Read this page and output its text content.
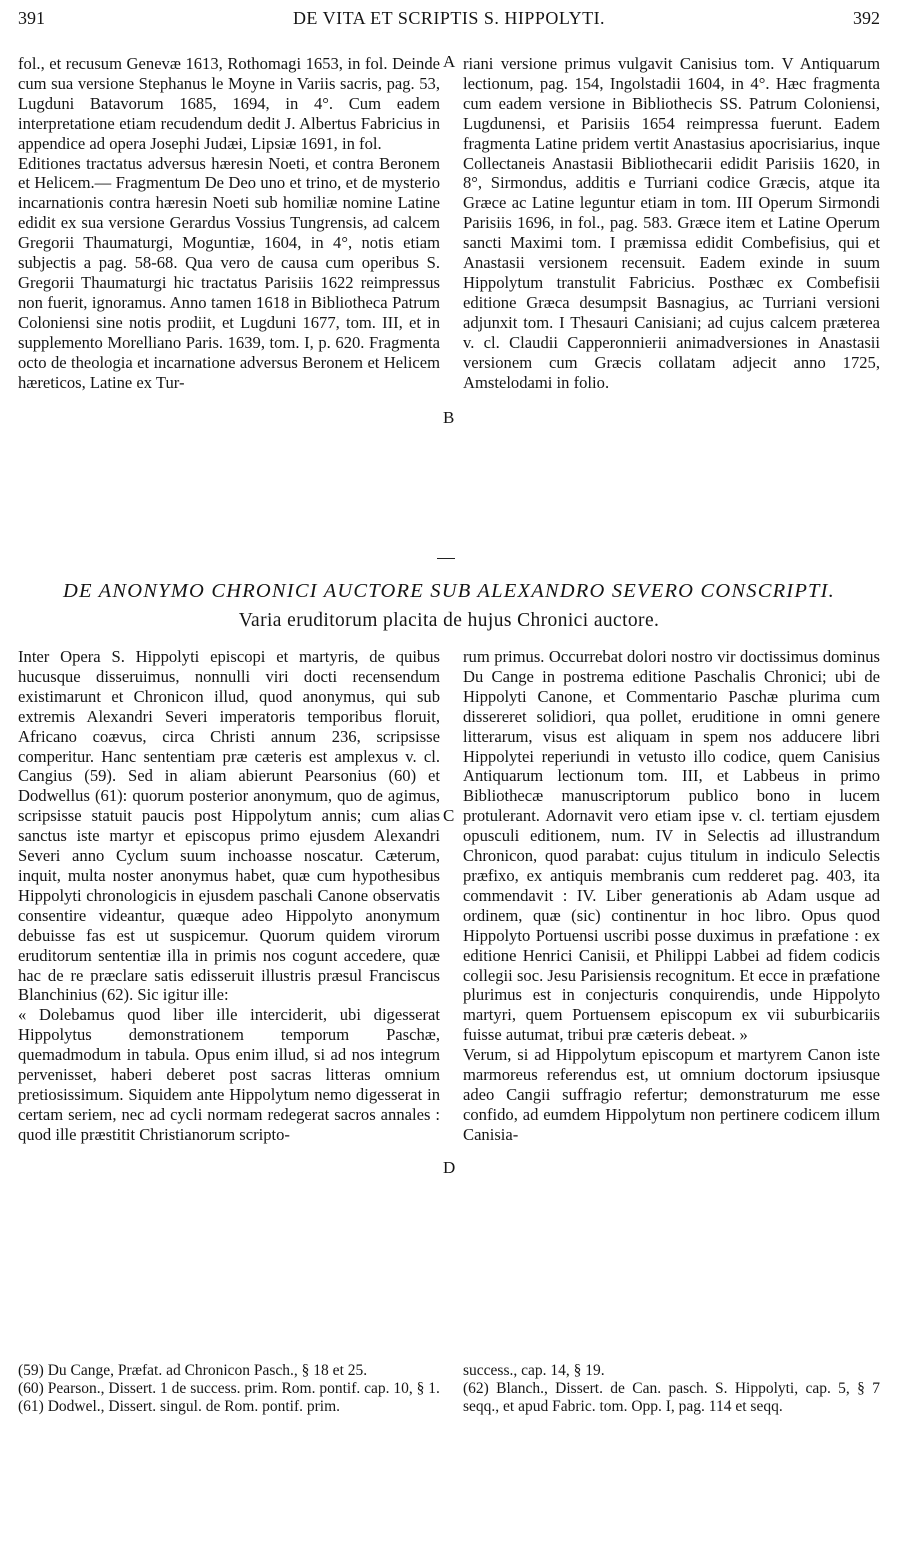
391	DE VITA ET SCRIPTIS S. HIPPOLYTI.	392

fol., et recusum Genevæ 1613, Rothomagi 1653, in fol. Deinde cum sua versione Stephanus le Moyne in Variis sacris, pag. 53, Lugduni Batavorum 1685, 1694, in 4°. Cum eadem interpretatione etiam recudendum dedit J. Albertus Fabricius in appendice ad opera Josephi Judæi, Lipsiæ 1691, in fol.

Editiones tractatus adversus hæresin Noeti, et contra Beronem et Helicem.— Fragmentum De Deo uno et trino, et de mysterio incarnationis contra hæresin Noeti sub homiliæ nomine Latine edidit ex sua versione Gerardus Vossius Tungrensis, ad calcem Gregorii Thaumaturgi, Moguntiæ, 1604, in 4°, notis etiam subjectis a pag. 58-68. Qua vero de causa cum operibus S. Gregorii Thaumaturgi hic tractatus Parisiis 1622 reimpressus non fuerit, ignoramus. Anno tamen 1618 in Bibliotheca Patrum Coloniensi sine notis prodiit, et Lugduni 1677, tom. III, et in supplemento Morelliano Paris. 1639, tom. I, p. 620. Fragmenta octo de theologia et incarnatione adversus Beronem et Helicem hæreticos, Latine ex Tur-

riani versione primus vulgavit Canisius tom. V Antiquarum lectionum, pag. 154, Ingolstadii 1604, in 4°. Hæc fragmenta cum eadem versione in Bibliothecis SS. Patrum Coloniensi, Lugdunensi, et Parisiis 1654 reimpressa fuerunt. Eadem fragmenta Latine pridem vertit Anastasius apocrisiarius, inque Collectaneis Anastasii Bibliothecarii edidit Parisiis 1620, in 8°, Sirmondus, additis e Turriani codice Græcis, atque ita Græce ac Latine leguntur etiam in tom. III Operum Sirmondi Parisiis 1696, in fol., pag. 583. Græce item et Latine Operum sancti Maximi tom. I præmissa edidit Combefisius, qui et Anastasii versionem recensuit. Eadem exinde in suum Hippolytum transtulit Fabricius. Posthæc ex Combefisii editione Græca desumpsit Basnagius, ac Turriani versioni adjunxit tom. I Thesauri Canisiani; ad cujus calcem præterea v. cl. Claudii Capperonnierii animadversiones in Anastasii versionem cum Græcis collatam adjecit anno 1725, Amstelodami in folio.

A
B
DE ANONYMO CHRONICI AUCTORE SUB ALEXANDRO SEVERO CONSCRIPTI.
Varia eruditorum placita de hujus Chronici auctore.

Inter Opera S. Hippolyti episcopi et martyris, de quibus hucusque disseruimus, nonnulli viri docti recensendum existimarunt et Chronicon illud, quod anonymus, qui sub extremis Alexandri Severi imperatoris temporibus floruit, Africano coævus, circa Christi annum 236, scripsisse comperitur. Hanc sententiam præ cæteris est amplexus v. cl. Cangius (59). Sed in aliam abierunt Pearsonius (60) et Dodwellus (61): quorum posterior anonymum, quo de agimus, scripsisse statuit paucis post Hippolytum annis; cum alias sanctus iste martyr et episcopus primo ejusdem Alexandri Severi anno Cyclum suum inchoasse noscatur. Cæterum, inquit, multa noster anonymus habet, quæ cum hypothesibus Hippolyti chronologicis in ejusdem paschali Canone observatis consentire videantur, quæque adeo Hippolyto anonymum debuisse fas est ut suspicemur. Quorum quidem virorum eruditorum sententiæ illa in primis nos cogunt accedere, quæ hac de re præclare satis edisseruit illustris præsul Franciscus Blanchinius (62). Sic igitur ille:

« Dolebamus quod liber ille interciderit, ubi digesserat Hippolytus demonstrationem temporum Paschæ, quemadmodum in tabula. Opus enim illud, si ad nos integrum pervenisset, haberi deberet post sacras litteras omnium pretiosissimum. Siquidem ante Hippolytum nemo digesserat in certam seriem, nec ad cycli normam redegerat sacros annales : quod ille præstitit Christianorum scripto-

rum primus. Occurrebat dolori nostro vir doctissimus dominus Du Cange in postrema editione Paschalis Chronici; ubi de Hippolyti Canone, et Commentario Paschæ plurima cum dissereret solidiori, qua pollet, eruditione in omni genere litterarum, visus est aliquam in spem nos adducere libri Hippolytei reperiundi in vetusto illo codice, quem Canisius Antiquarum lectionum tom. III, et Labbeus in primo Bibliothecæ manuscriptorum publico bono in lucem protulerant. Adornavit vero etiam ipse v. cl. tertiam ejusdem opusculi editionem, num. IV in Selectis ad illustrandum Chronicon, quod parabat: cujus titulum in indiculo Selectis præfixo, ex antiquis membranis cum redderet pag. 403, ita commendavit : IV. Liber generationis ab Adam usque ad ordinem, quæ (sic) continentur in hoc libro. Opus quod Hippolyto Portuensi uscribi posse duximus in præfatione : ex editione Henrici Canisii, et Philippi Labbei ad fidem codicis collegii soc. Jesu Parisiensis recognitum. Et ecce in præfatione plurimus est in conjecturis conquirendis, unde Hippolyto martyri, quem Portuensem episcopum ex vii suburbicariis fuisse autumat, tribui præ cæteris debeat. »

Verum, si ad Hippolytum episcopum et martyrem Canon iste marmoreus referendus est, ut omnium doctorum ipsiusque adeo Cangii suffragio refertur; demonstraturum me esse confido, ad eumdem Hippolytum non pertinere codicem illum Canisia-

C
D

(59) Du Cange, Præfat. ad Chronicon Pasch., § 18 et 25.

(60) Pearson., Dissert. 1 de success. prim. Rom. pontif. cap. 10, § 1.

(61) Dodwel., Dissert. singul. de Rom. pontif. prim.

success., cap. 14, § 19.

(62) Blanch., Dissert. de Can. pasch. S. Hippolyti, cap. 5, § 7 seqq., et apud Fabric. tom. Opp. I, pag. 114 et seqq.
